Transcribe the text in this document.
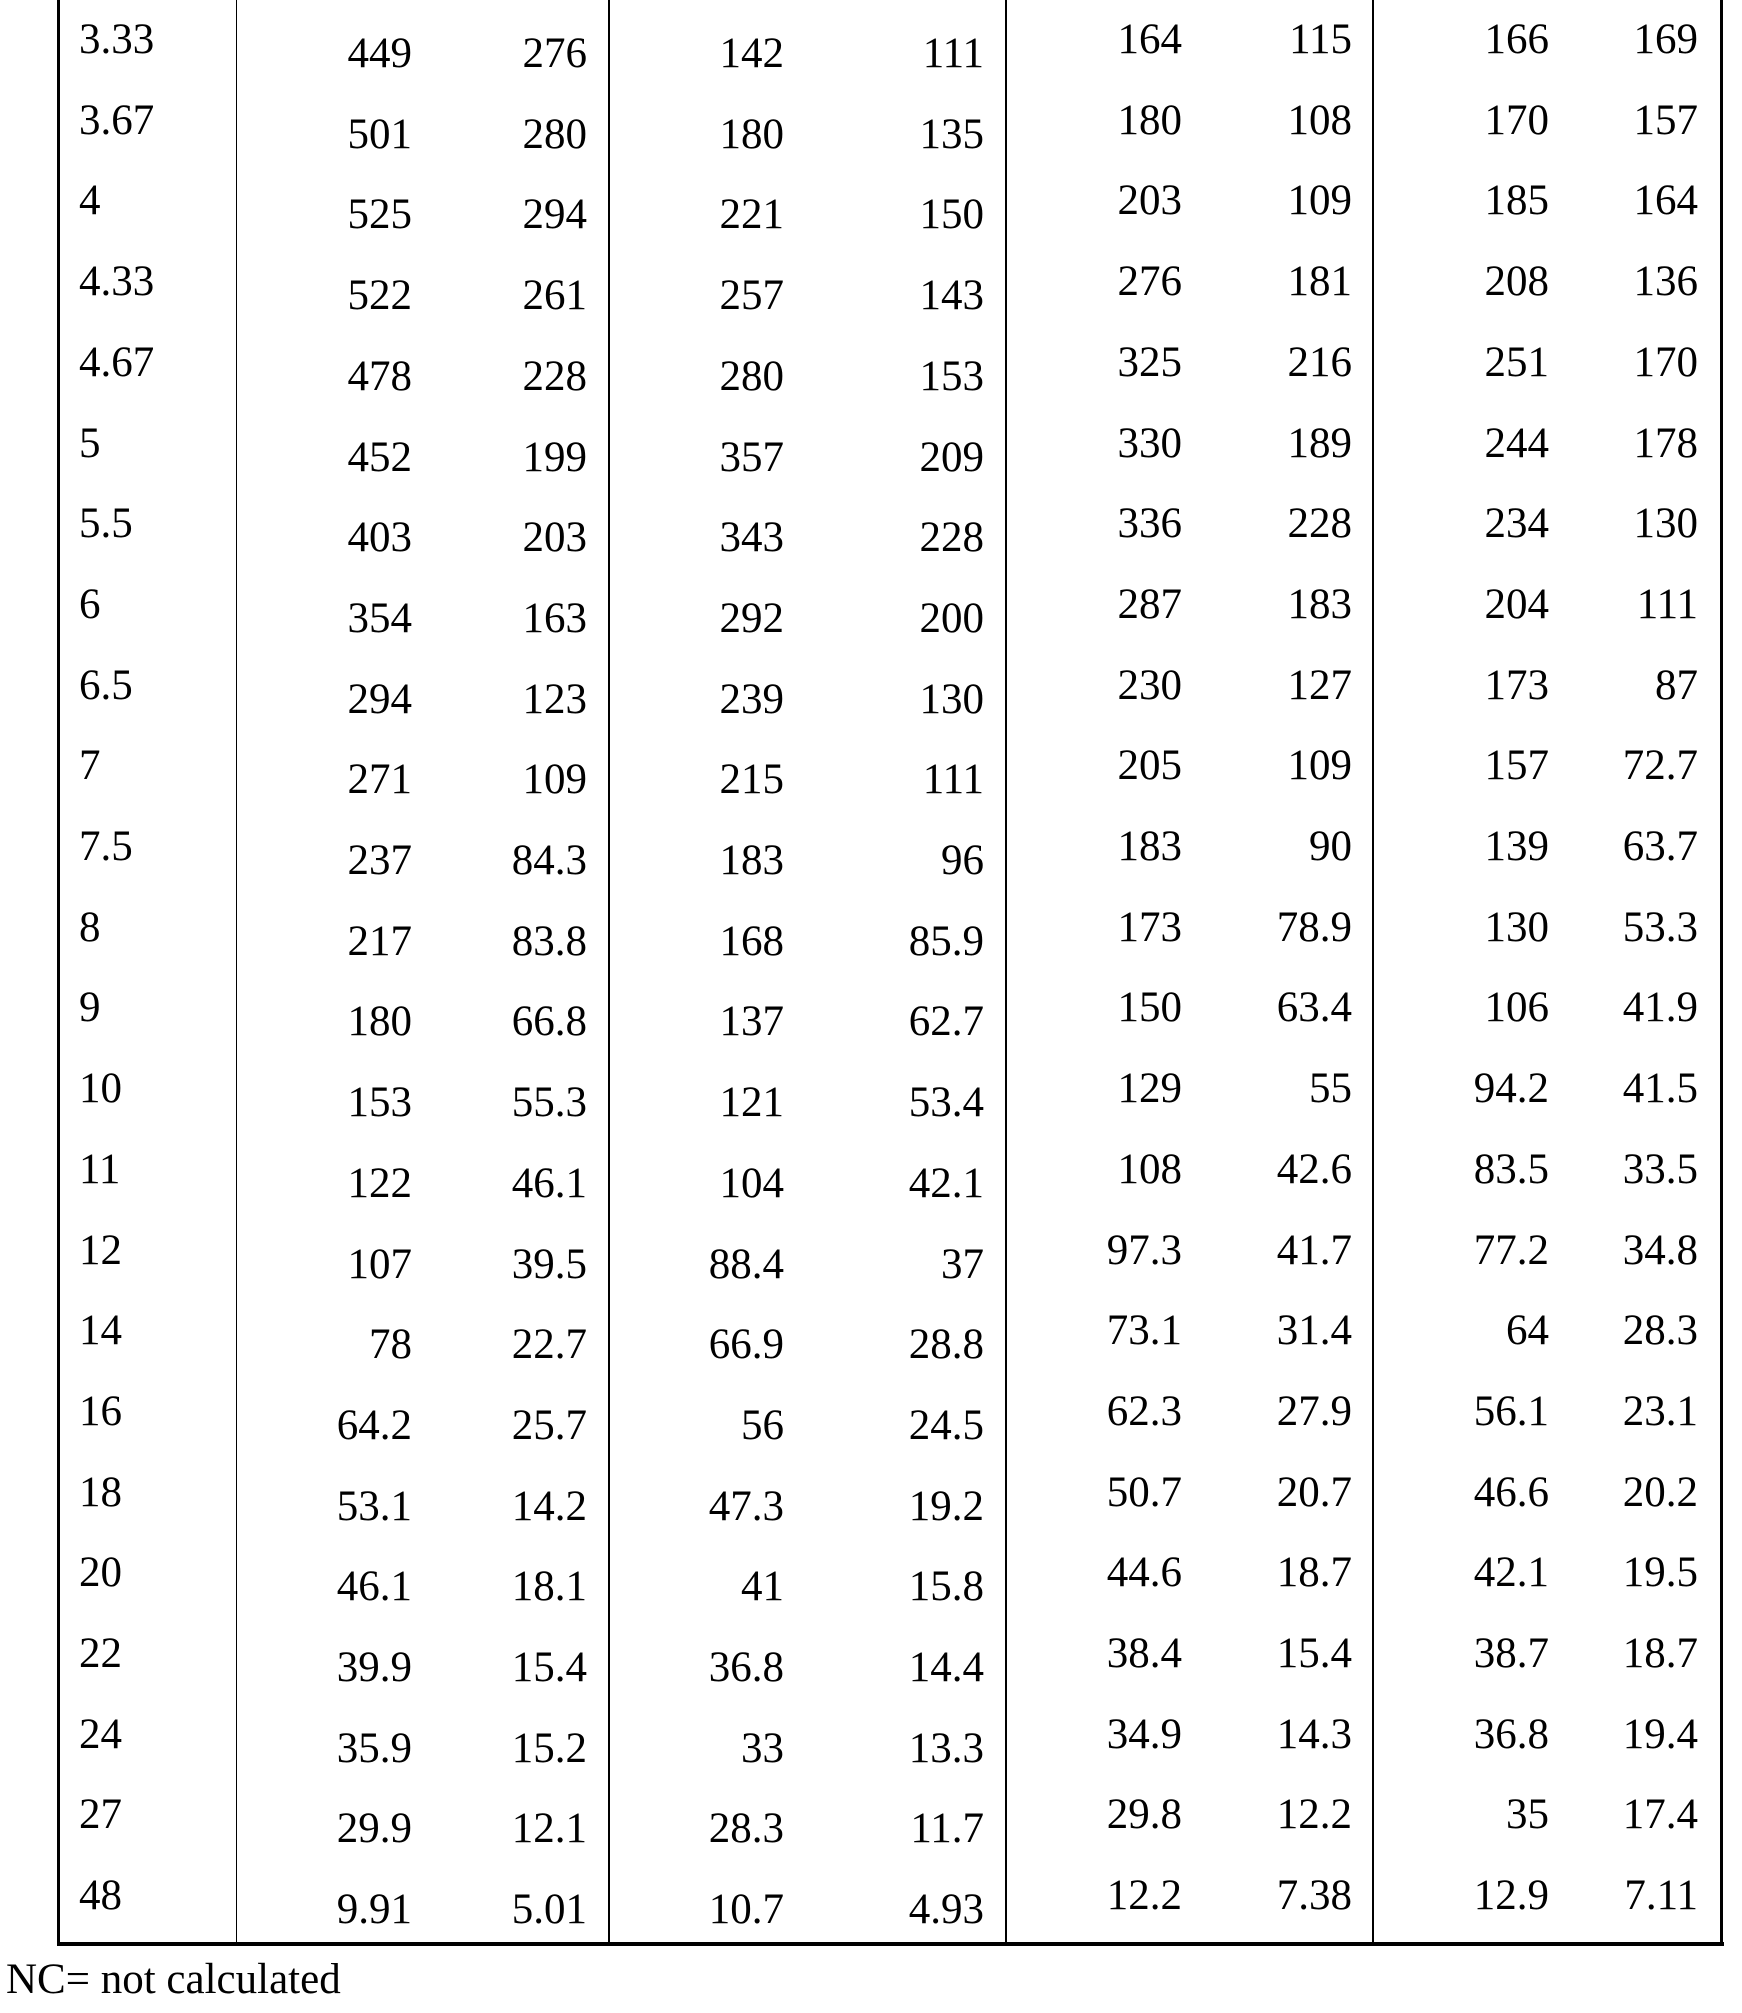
3.33	449	276	142	111	164 115	166 169
3.67	501	280	180	135	180 108	170 157
4	525	294	221	150	203 109	185 164
4.33	522	261	257	143	276 181	208 136
4.67	478	228	280	153	325 216	251 170
5	452	199	357	209	330 189	244 178
5.5	403	203	343	228	336 228	234 130
6	354	163	292	200	287 183	204 111
6.5	294	123	239	130	230 127	173 87
7	271	109	215	111	205 109	157 72.7
7.5	237 84.3	183	96	183	90	139 63.7
8	217 83.8	168	85.9	173 78.9	130 53.3
9	180 66.8	137	62.7	150 63.4	106 41.9
10	153 55.3	121	53.4	129	55	94.2 41.5
11	122 46.1	104	42.1	108 42.6	83.5 33.5
12	107 39.5	88.4	37	97.3 41.7	77.2 34.8
14	78 22.7	66.9	28.8	73.1 31.4	64 28.3
16	64.2 25.7	56	24.5	62.3 27.9	56.1 23.1
18	53.1 14.2	47.3	19.2	50.7 20.7	46.6 20.2
20	46.1 18.1	41	15.8	44.6 18.7	42.1 19.5
22	39.9 15.4	36.8	14.4	38.4 15.4	38.7 18.7
24	35.9 15.2	33	13.3	34.9 14.3	36.8 19.4
27	29.9 12.1	28.3	11.7	29.8 12.2	35 17.4
48	9.91 5.01	10.7	4.93	12.2 7.38	12.9 7.11
NC= not calculated
